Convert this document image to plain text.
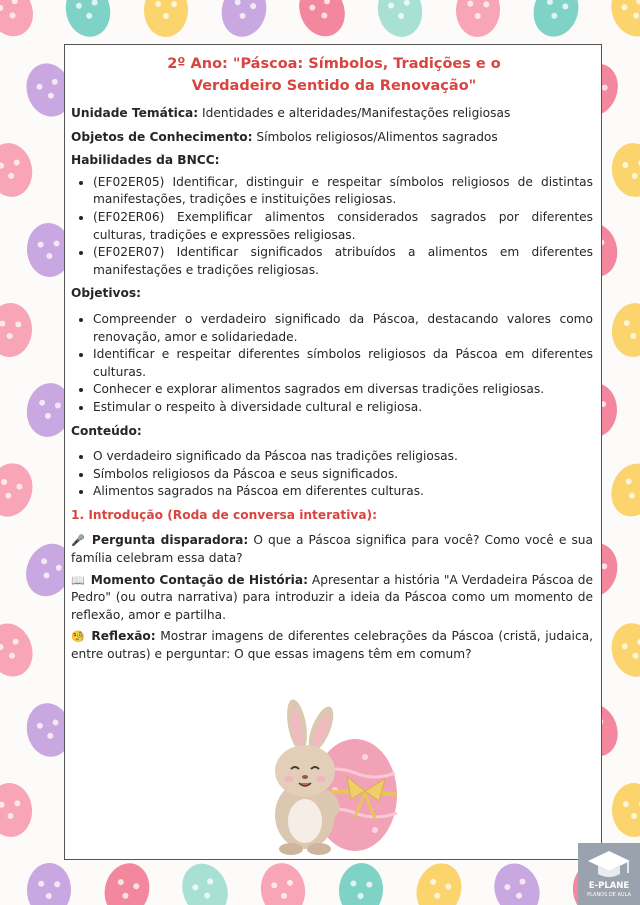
2º Ano: "Páscoa: Símbolos, Tradições e o
Verdadeiro Sentido da Renovação"

Unidade Temática: Identidades e alteridades/Manifestações religiosas

Objetos de Conhecimento: Símbolos religiosos/Alimentos sagrados

Habilidades da BNCC:

• (EF02ER05) Identificar, distinguir e respeitar símbolos religiosos de distintas manifestações, tradições e instituições religiosas.
• (EF02ER06) Exemplificar alimentos considerados sagrados por diferentes culturas, tradições e expressões religiosas.
• (EF02ER07) Identificar significados atribuídos a alimentos em diferentes manifestações e tradições religiosas.

Objetivos:

• Compreender o verdadeiro significado da Páscoa, destacando valores como renovação, amor e solidariedade.
• Identificar e respeitar diferentes símbolos religiosos da Páscoa em diferentes culturas.
• Conhecer e explorar alimentos sagrados em diversas tradições religiosas.
• Estimular o respeito à diversidade cultural e religiosa.

Conteúdo:

• O verdadeiro significado da Páscoa nas tradições religiosas.
• Símbolos religiosos da Páscoa e seus significados.
• Alimentos sagrados na Páscoa em diferentes culturas.

1. Introdução (Roda de conversa interativa):

🎤 Pergunta disparadora: O que a Páscoa significa para você? Como você e sua família celebram essa data?

📖 Momento Contação de História: Apresentar a história "A Verdadeira Páscoa de Pedro" (ou outra narrativa) para introduzir a ideia da Páscoa como um momento de reflexão, amor e partilha.

🧐 Reflexão: Mostrar imagens de diferentes celebrações da Páscoa (cristã, judaica, entre outras) e perguntar: O que essas imagens têm em comum?

E-PLANE
PLANOS DE AULA
